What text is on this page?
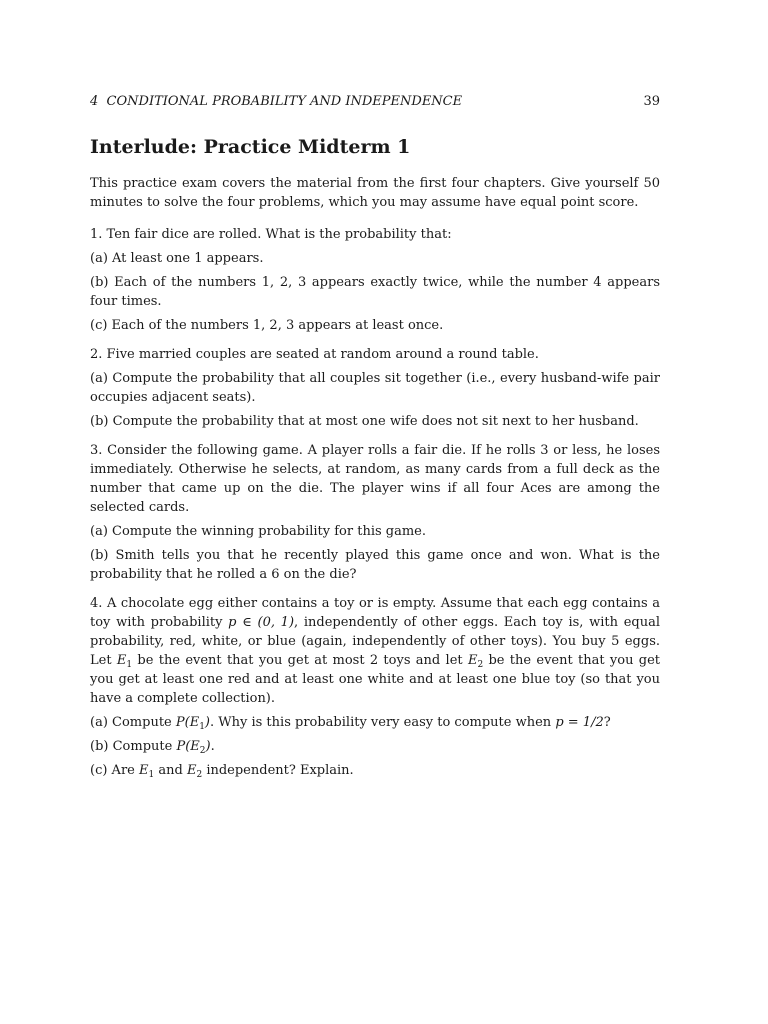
4  CONDITIONAL PROBABILITY AND INDEPENDENCE	39
Interlude: Practice Midterm 1

This practice exam covers the material from the first four chapters. Give yourself 50 minutes to solve the four problems, which you may assume have equal point score.

1. Ten fair dice are rolled. What is the probability that:

(a) At least one 1 appears.

(b) Each of the numbers 1, 2, 3 appears exactly twice, while the number 4 appears four times.

(c) Each of the numbers 1, 2, 3 appears at least once.

2. Five married couples are seated at random around a round table.

(a) Compute the probability that all couples sit together (i.e., every husband-wife pair occupies adjacent seats).

(b) Compute the probability that at most one wife does not sit next to her husband.

3. Consider the following game. A player rolls a fair die. If he rolls 3 or less, he loses immediately. Otherwise he selects, at random, as many cards from a full deck as the number that came up on the die. The player wins if all four Aces are among the selected cards.

(a) Compute the winning probability for this game.

(b) Smith tells you that he recently played this game once and won. What is the probability that he rolled a 6 on the die?

4. A chocolate egg either contains a toy or is empty. Assume that each egg contains a toy with probability p ∈ (0, 1), independently of other eggs. Each toy is, with equal probability, red, white, or blue (again, independently of other toys). You buy 5 eggs. Let $E_1$ be the event that you get at most 2 toys and let $E_2$ be the event that you get you get at least one red and at least one white and at least one blue toy (so that you have a complete collection).

(a) Compute $P(E_1)$. Why is this probability very easy to compute when p = 1/2?

(b) Compute $P(E_2)$.

(c) Are $E_1$ and $E_2$ independent? Explain.
